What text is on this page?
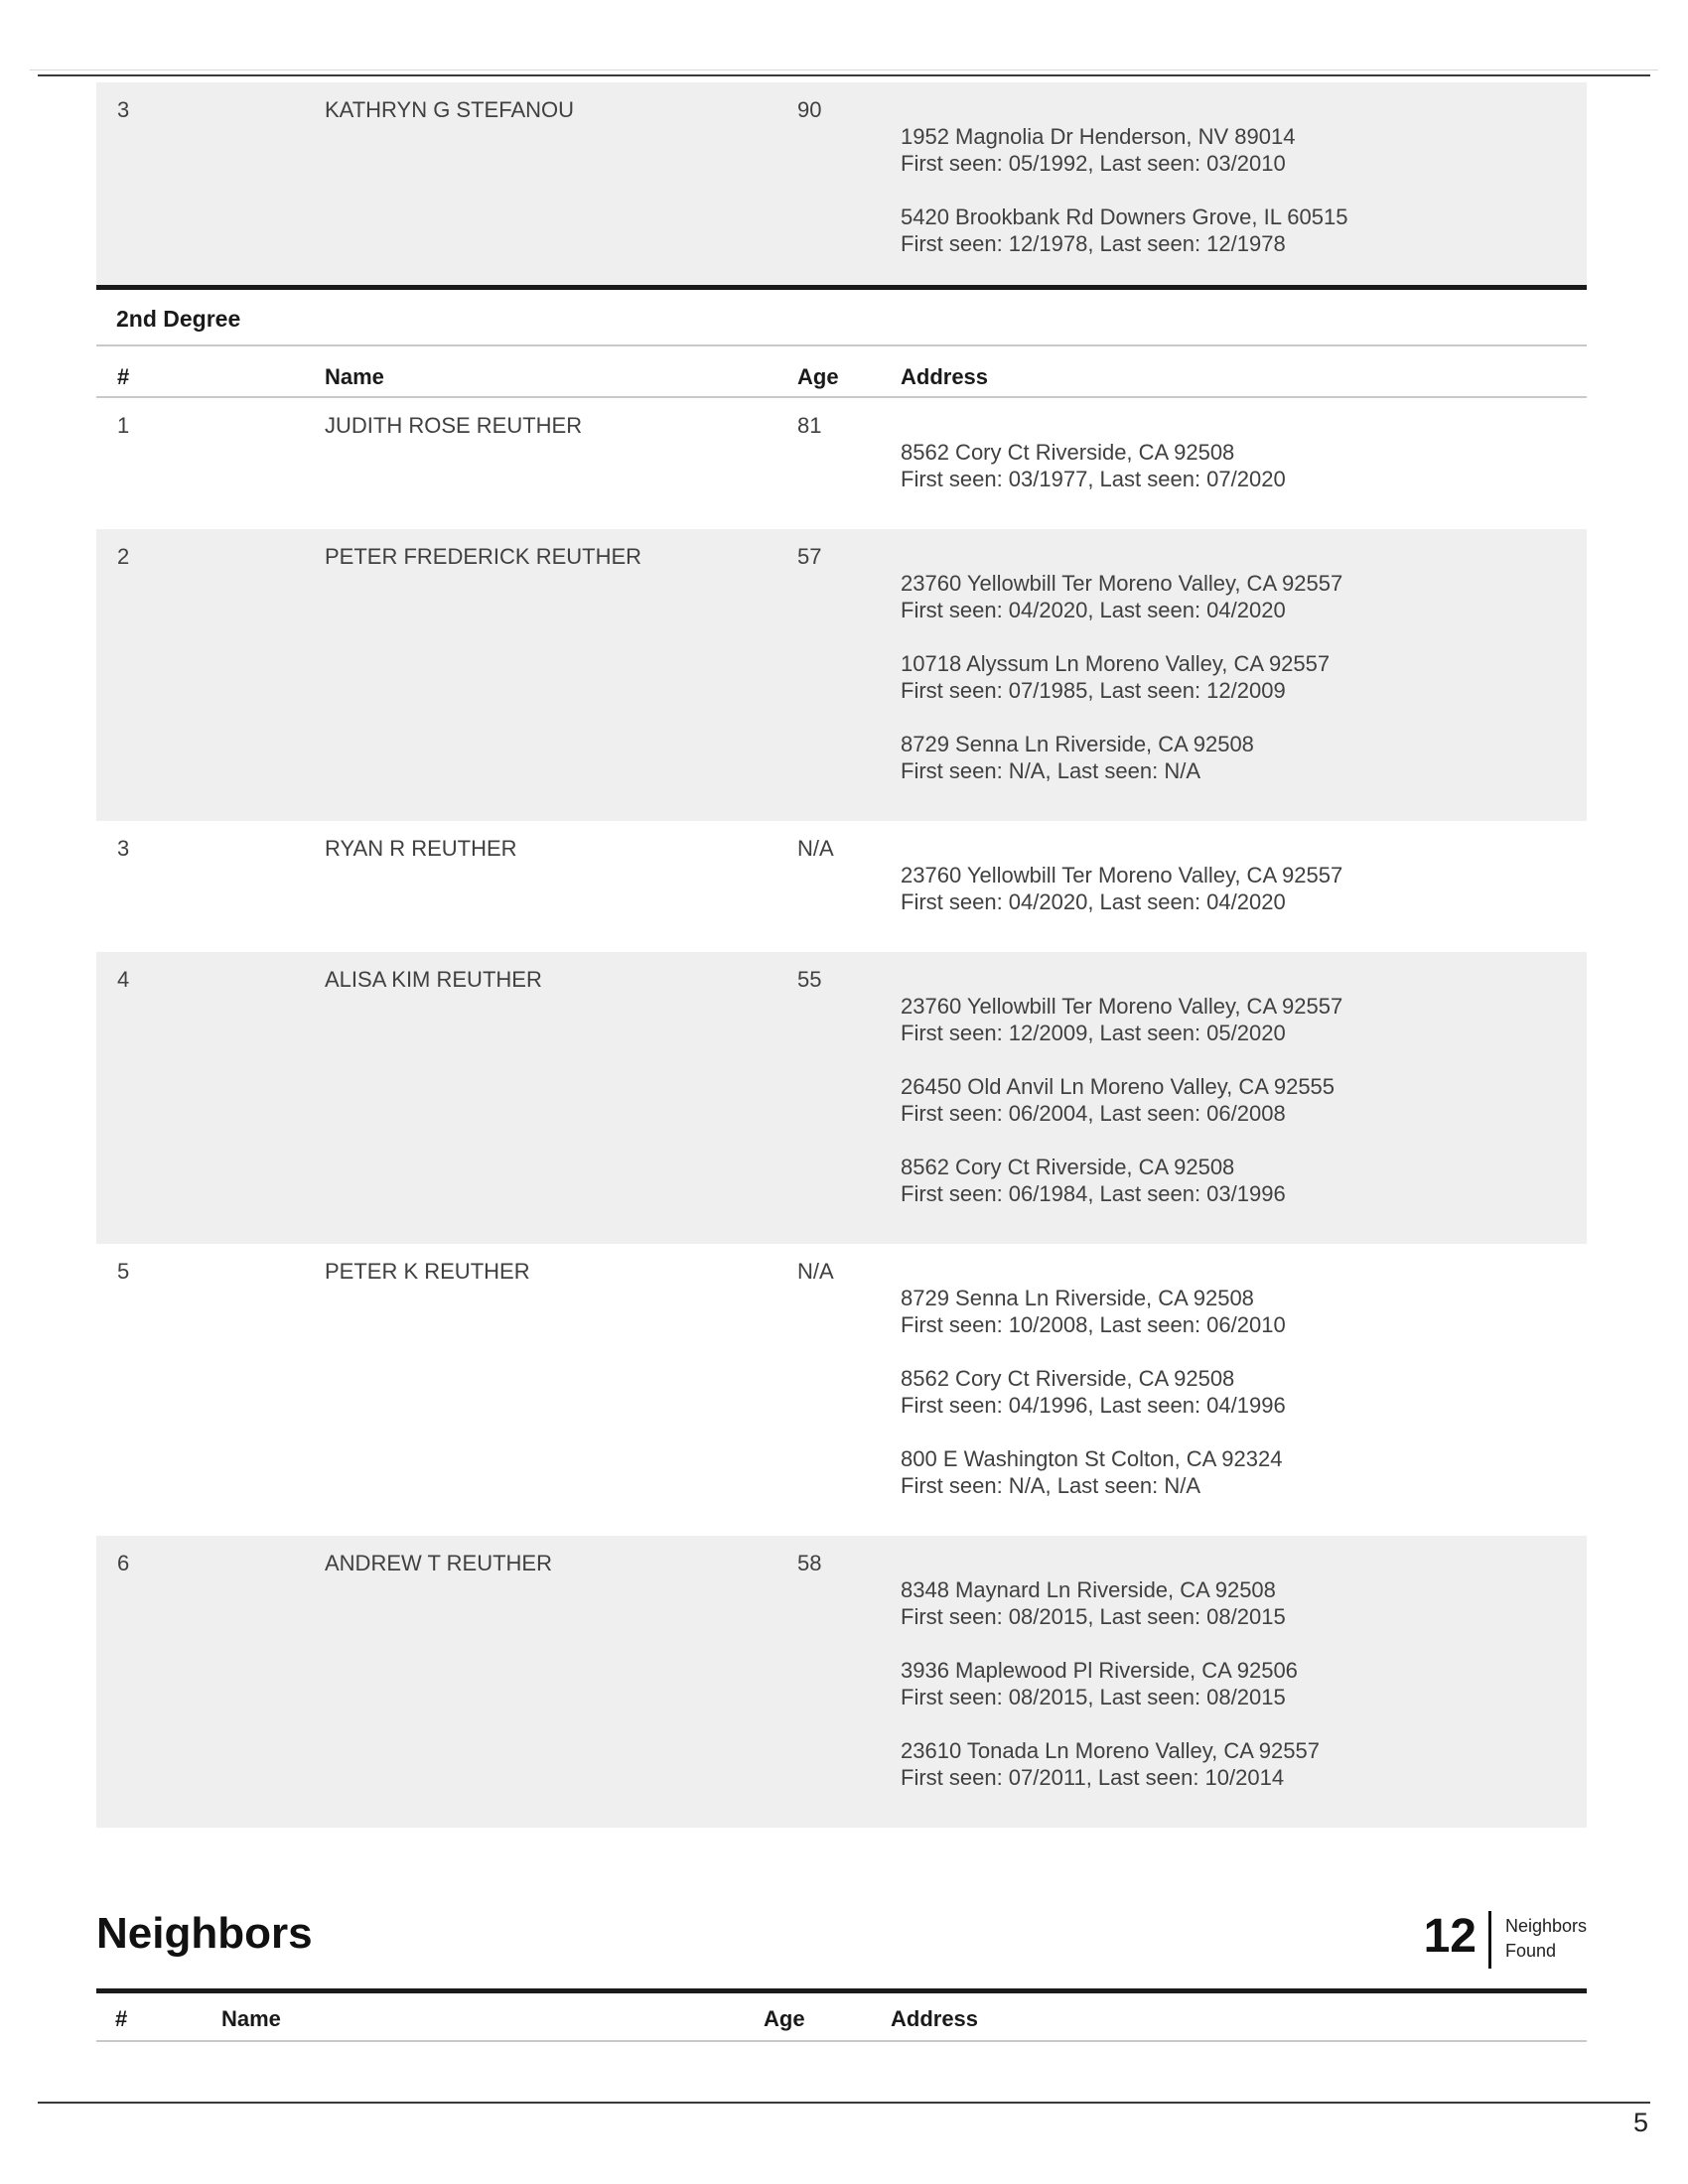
3	KATHRYN G STEFANOU	90
1952 Magnolia Dr Henderson, NV 89014
First seen: 05/1992, Last seen: 03/2010
5420 Brookbank Rd Downers Grove, IL 60515
First seen: 12/1978, Last seen: 12/1978
2nd Degree
#	Name	Age	Address
1	JUDITH ROSE REUTHER	81
8562 Cory Ct Riverside, CA 92508
First seen: 03/1977, Last seen: 07/2020
2	PETER FREDERICK REUTHER	57
23760 Yellowbill Ter Moreno Valley, CA 92557
First seen: 04/2020, Last seen: 04/2020
10718 Alyssum Ln Moreno Valley, CA 92557
First seen: 07/1985, Last seen: 12/2009
8729 Senna Ln Riverside, CA 92508
First seen: N/A, Last seen: N/A
3	RYAN R REUTHER	N/A
23760 Yellowbill Ter Moreno Valley, CA 92557
First seen: 04/2020, Last seen: 04/2020
4	ALISA KIM REUTHER	55
23760 Yellowbill Ter Moreno Valley, CA 92557
First seen: 12/2009, Last seen: 05/2020
26450 Old Anvil Ln Moreno Valley, CA 92555
First seen: 06/2004, Last seen: 06/2008
8562 Cory Ct Riverside, CA 92508
First seen: 06/1984, Last seen: 03/1996
5	PETER K REUTHER	N/A
8729 Senna Ln Riverside, CA 92508
First seen: 10/2008, Last seen: 06/2010
8562 Cory Ct Riverside, CA 92508
First seen: 04/1996, Last seen: 04/1996
800 E Washington St Colton, CA 92324
First seen: N/A, Last seen: N/A
6	ANDREW T REUTHER	58
8348 Maynard Ln Riverside, CA 92508
First seen: 08/2015, Last seen: 08/2015
3936 Maplewood Pl Riverside, CA 92506
First seen: 08/2015, Last seen: 08/2015
23610 Tonada Ln Moreno Valley, CA 92557
First seen: 07/2011, Last seen: 10/2014
Neighbors	12 Neighbors
Found
#	Name	Age	Address
5
